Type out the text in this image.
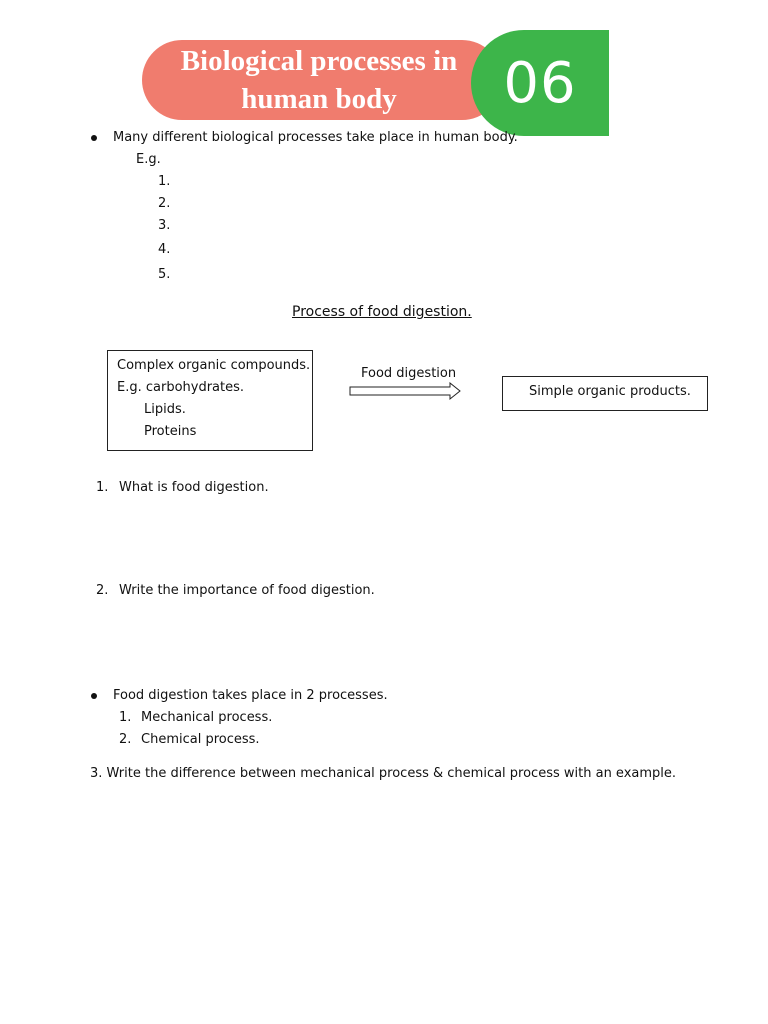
Biological processes in
human body	06
Many different biological processes take place in human body.
E.g.
1.
2.
3.
4.
5.
Process of food digestion.
Complex organic compounds.
E.g. carbohydrates.
Lipids.
Proteins
Food digestion
Simple organic products.
1. What is food digestion.
2. Write the importance of food digestion.
Food digestion takes place in 2 processes.
1. Mechanical process.
2. Chemical process.
3. Write the difference between mechanical process & chemical process with an example.
